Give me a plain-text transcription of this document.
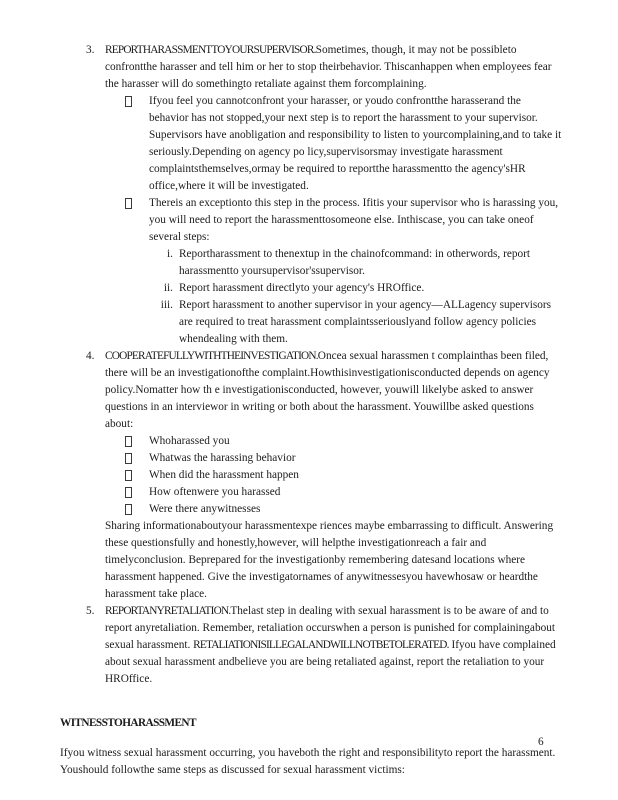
3. REPORTHARASSMENTTOYOURSUPERVISOR.Sometimes, though, it may not be possibleto confrontthe harasser and tell him or her to stop theirbehavior. Thiscanhappen when employees fear the harasser will do somethingto retaliate against them forcomplaining.
Ifyou feel you cannotconfront your harasser, or youdo confrontthe harasserand the behavior has not stopped,your next step is to report the harassment to your supervisor. Supervisors have anobligation and responsibility to listen to yourcomplaining,and to take it seriously.Depending on agency po licy,supervisorsmay investigate harassment complaintsthemselves,ormay be required to reportthe harassmentto the agency'sHR office,where it will be investigated.
Thereis an exceptionto this step in the process. Ifitis your supervisor who is harassing you, you will need to report the harassmenttosomeone else. Inthiscase, you can take oneof several steps:
i. Reportharassment to thenextup in the chainofcommand: in otherwords, report harassmentto yoursupervisor'ssupervisor.
ii. Report harassment directlyto your agency's HROffice.
iii. Report harassment to another supervisor in your agency—ALLagency supervisors are required to treat harassment complaintsseriouslyand follow agency policies whendealing with them.
4. COOPERATEFULLYWITHTHEINVESTIGATION.Oncea sexual harassmen t complainthas been filed, there will be an investigationofthe complaint.Howthisinvestigationisconducted depends on agency policy.Nomatter how th e investigationisconducted, however, youwill likelybe asked to answer questions in an interviewor in writing or both about the harassment. Youwillbe asked questions about:
Whoharassed you
Whatwas the harassing behavior
When did the harassment happen
How oftenwere you harassed
Were there anywitnesses
Sharing informationaboutyour harassmentexpe riences maybe embarrassing to difficult. Answering these questionsfully and honestly,however, will helpthe investigationreach a fair and timelyconclusion. Beprepared for the investigationby remembering datesand locations where harassment happened. Give the investigatornames of anywitnessesyou havewhosaw or heardthe harassment take place.
5. REPORTANYRETALIATION.Thelast step in dealing with sexual harassment is to be aware of and to report anyretaliation. Remember, retaliation occurswhen a person is punished for complainingabout sexual harassment. RETALIATIONISILLEGALANDWILLNOTBETOLERATED. Ifyou have complained about sexual harassment andbelieve you are being retaliated against, report the retaliation to your HROffice.
WITNESSTOHARASSMENT
Ifyou witness sexual harassment occurring, you haveboth the right and responsibilityto report the harassment. Youshould followthe same steps as discussed for sexual harassment victims:
6
